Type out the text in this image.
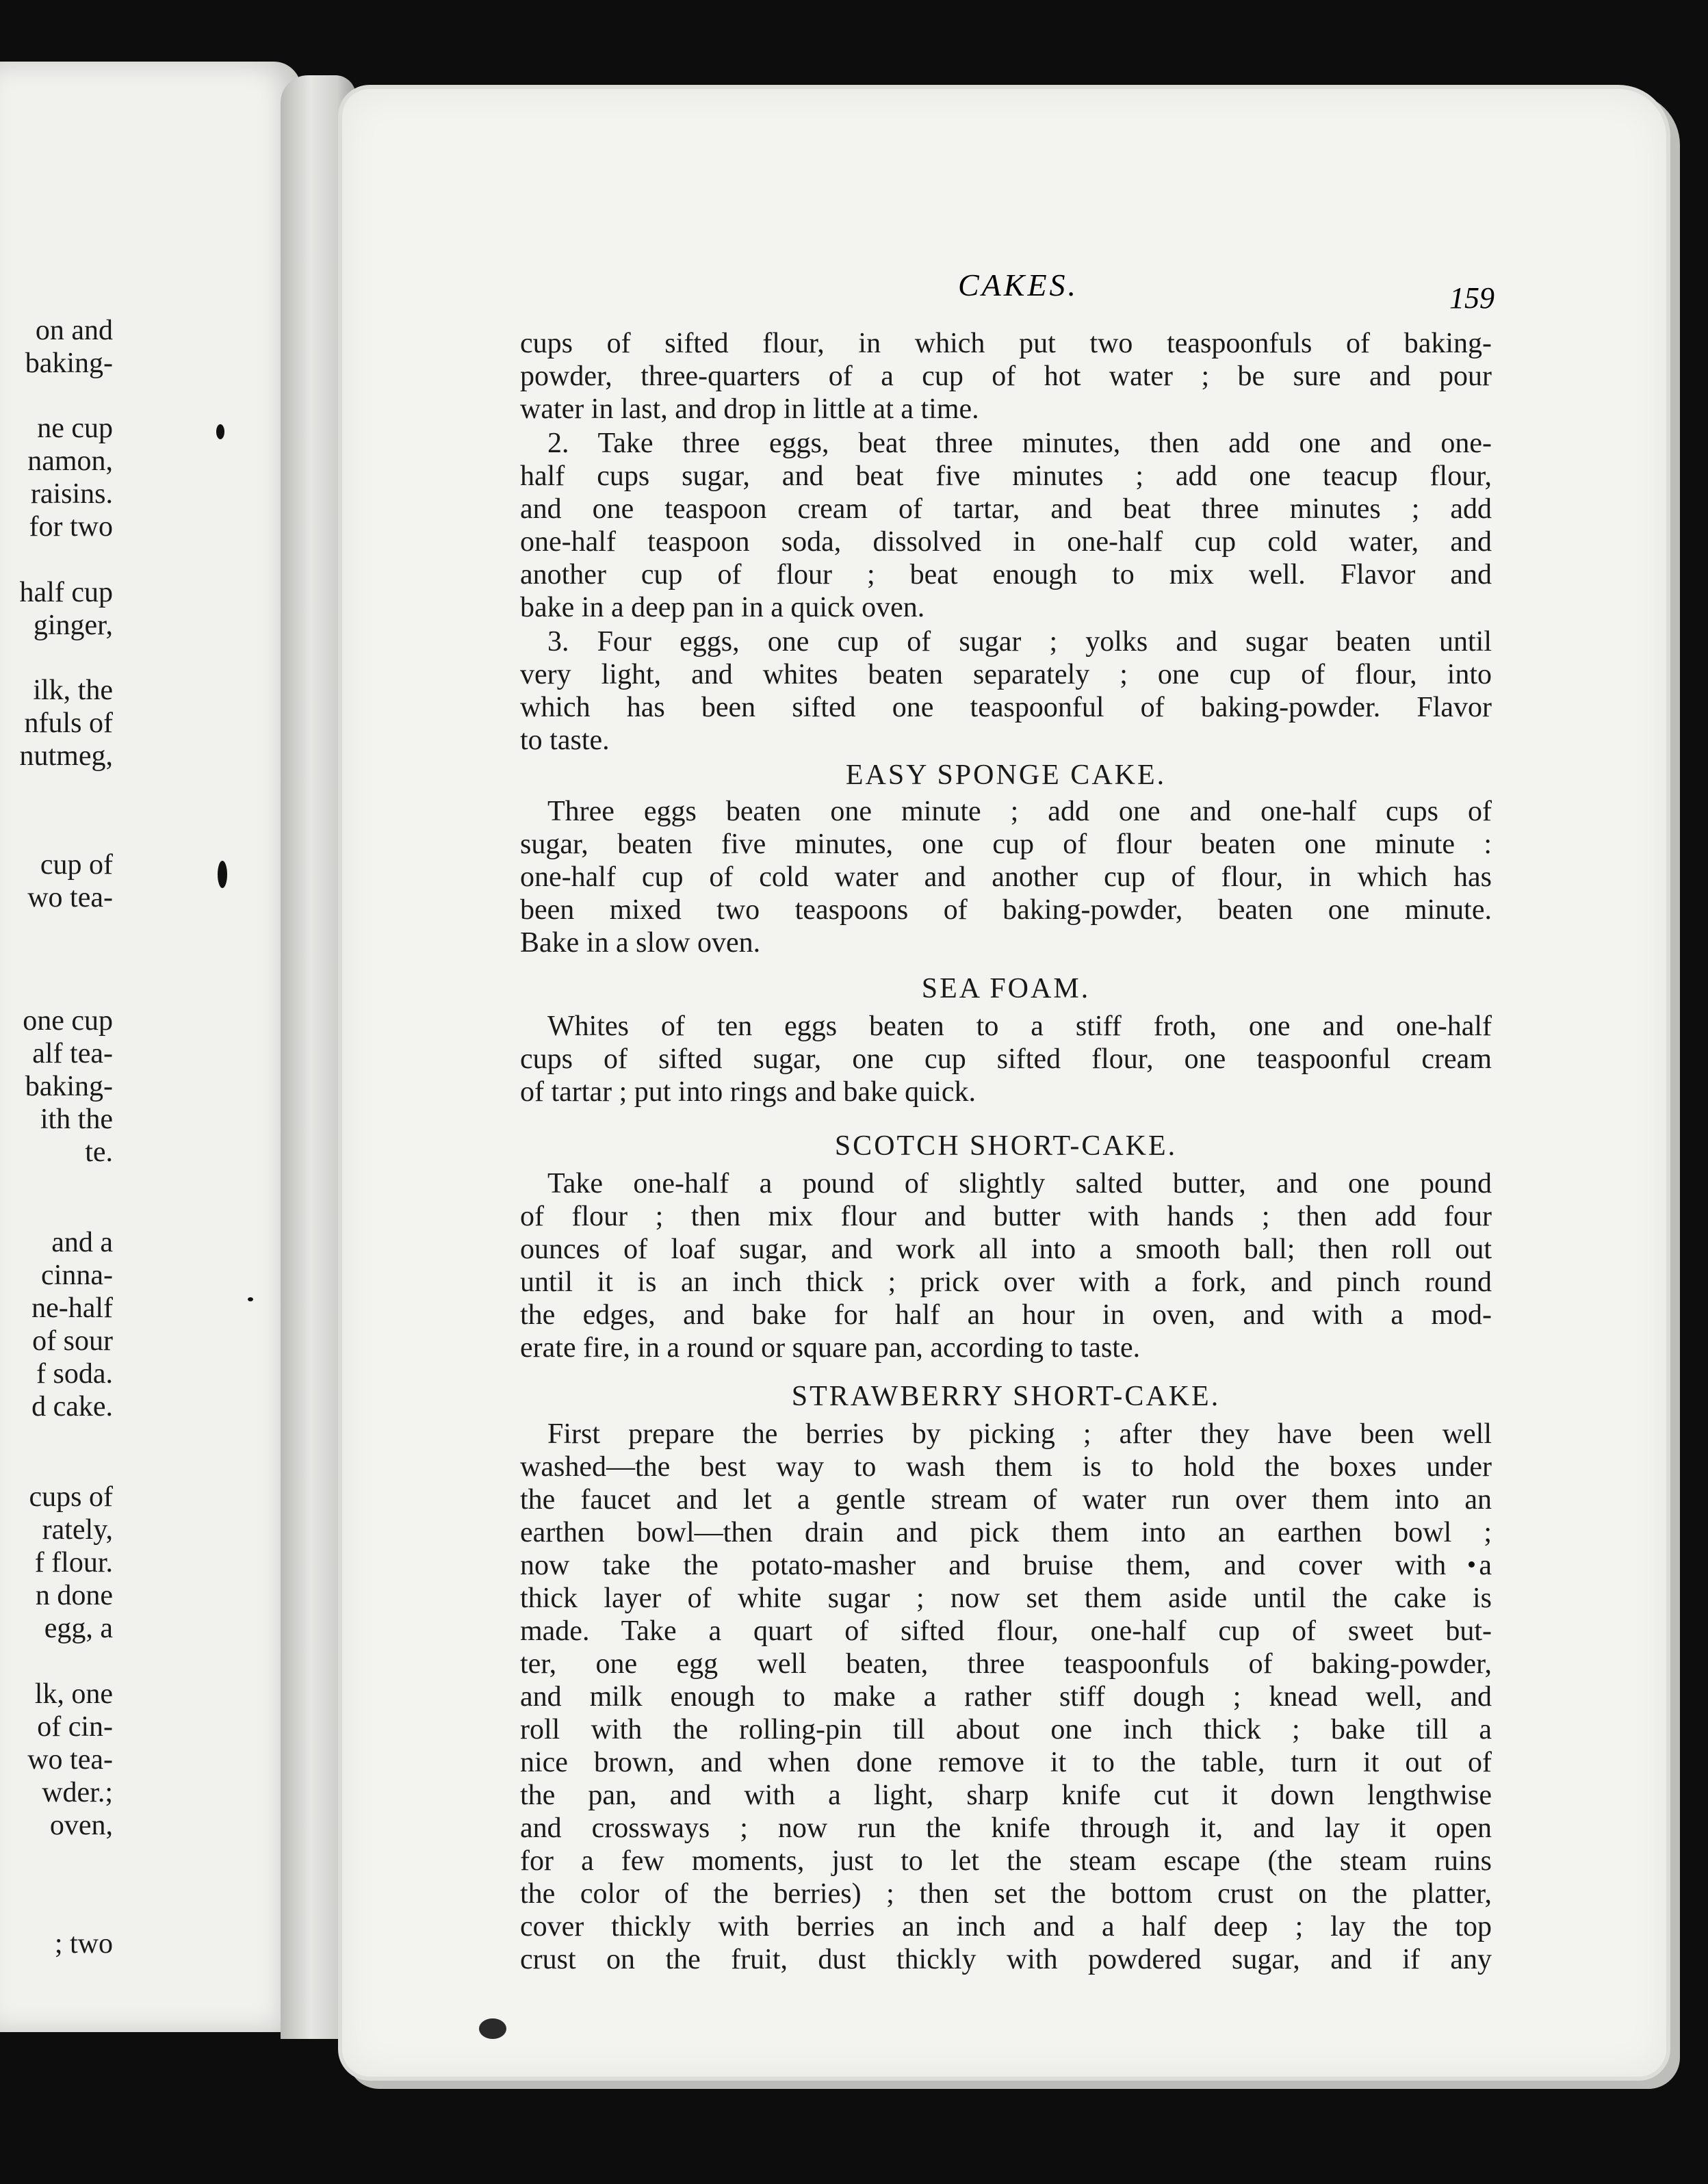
on and
baking-
ne cup
namon,
raisins.
for two
half cup
ginger,
ilk, the
nfuls of
nutmeg,
cup of
wo tea-
one cup
alf tea-
baking-
ith the
te.
and a
cinna-
ne-half
of sour
f soda.
d cake.
cups of
rately,
f flour.
n done
egg, a
lk, one
of cin-
wo tea-
wder.;
oven,
; two
CAKES.	159
cups of sifted flour, in which put two teaspoonfuls of baking-
powder, three-quarters of a cup of hot water ; be sure and pour
water in last, and drop in little at a time.
2. Take three eggs, beat three minutes, then add one and one-
half cups sugar, and beat five minutes ; add one teacup flour,
and one teaspoon cream of tartar, and beat three minutes ; add
one-half teaspoon soda, dissolved in one-half cup cold water, and
another cup of flour ; beat enough to mix well. Flavor and
bake in a deep pan in a quick oven.
3. Four eggs, one cup of sugar ; yolks and sugar beaten until
very light, and whites beaten separately ; one cup of flour, into
which has been sifted one teaspoonful of baking-powder. Flavor
to taste.
EASY SPONGE CAKE.
Three eggs beaten one minute ; add one and one-half cups of
sugar, beaten five minutes, one cup of flour beaten one minute :
one-half cup of cold water and another cup of flour, in which has
been mixed two teaspoons of baking-powder, beaten one minute.
Bake in a slow oven.
SEA FOAM.
Whites of ten eggs beaten to a stiff froth, one and one-half
cups of sifted sugar, one cup sifted flour, one teaspoonful cream
of tartar ; put into rings and bake quick.
SCOTCH SHORT-CAKE.
Take one-half a pound of slightly salted butter, and one pound
of flour ; then mix flour and butter with hands ; then add four
ounces of loaf sugar, and work all into a smooth ball; then roll out
until it is an inch thick ; prick over with a fork, and pinch round
the edges, and bake for half an hour in oven, and with a mod-
erate fire, in a round or square pan, according to taste.
STRAWBERRY SHORT-CAKE.
First prepare the berries by picking ; after they have been well
washed—the best way to wash them is to hold the boxes under
the faucet and let a gentle stream of water run over them into an
earthen bowl—then drain and pick them into an earthen bowl ;
now take the potato-masher and bruise them, and cover with a
thick layer of white sugar ; now set them aside until the cake is
made. Take a quart of sifted flour, one-half cup of sweet but-
ter, one egg well beaten, three teaspoonfuls of baking-powder,
and milk enough to make a rather stiff dough ; knead well, and
roll with the rolling-pin till about one inch thick ; bake till a
nice brown, and when done remove it to the table, turn it out of
the pan, and with a light, sharp knife cut it down lengthwise
and crossways ; now run the knife through it, and lay it open
for a few moments, just to let the steam escape (the steam ruins
the color of the berries) ; then set the bottom crust on the platter,
cover thickly with berries an inch and a half deep ; lay the top
crust on the fruit, dust thickly with powdered sugar, and if any
